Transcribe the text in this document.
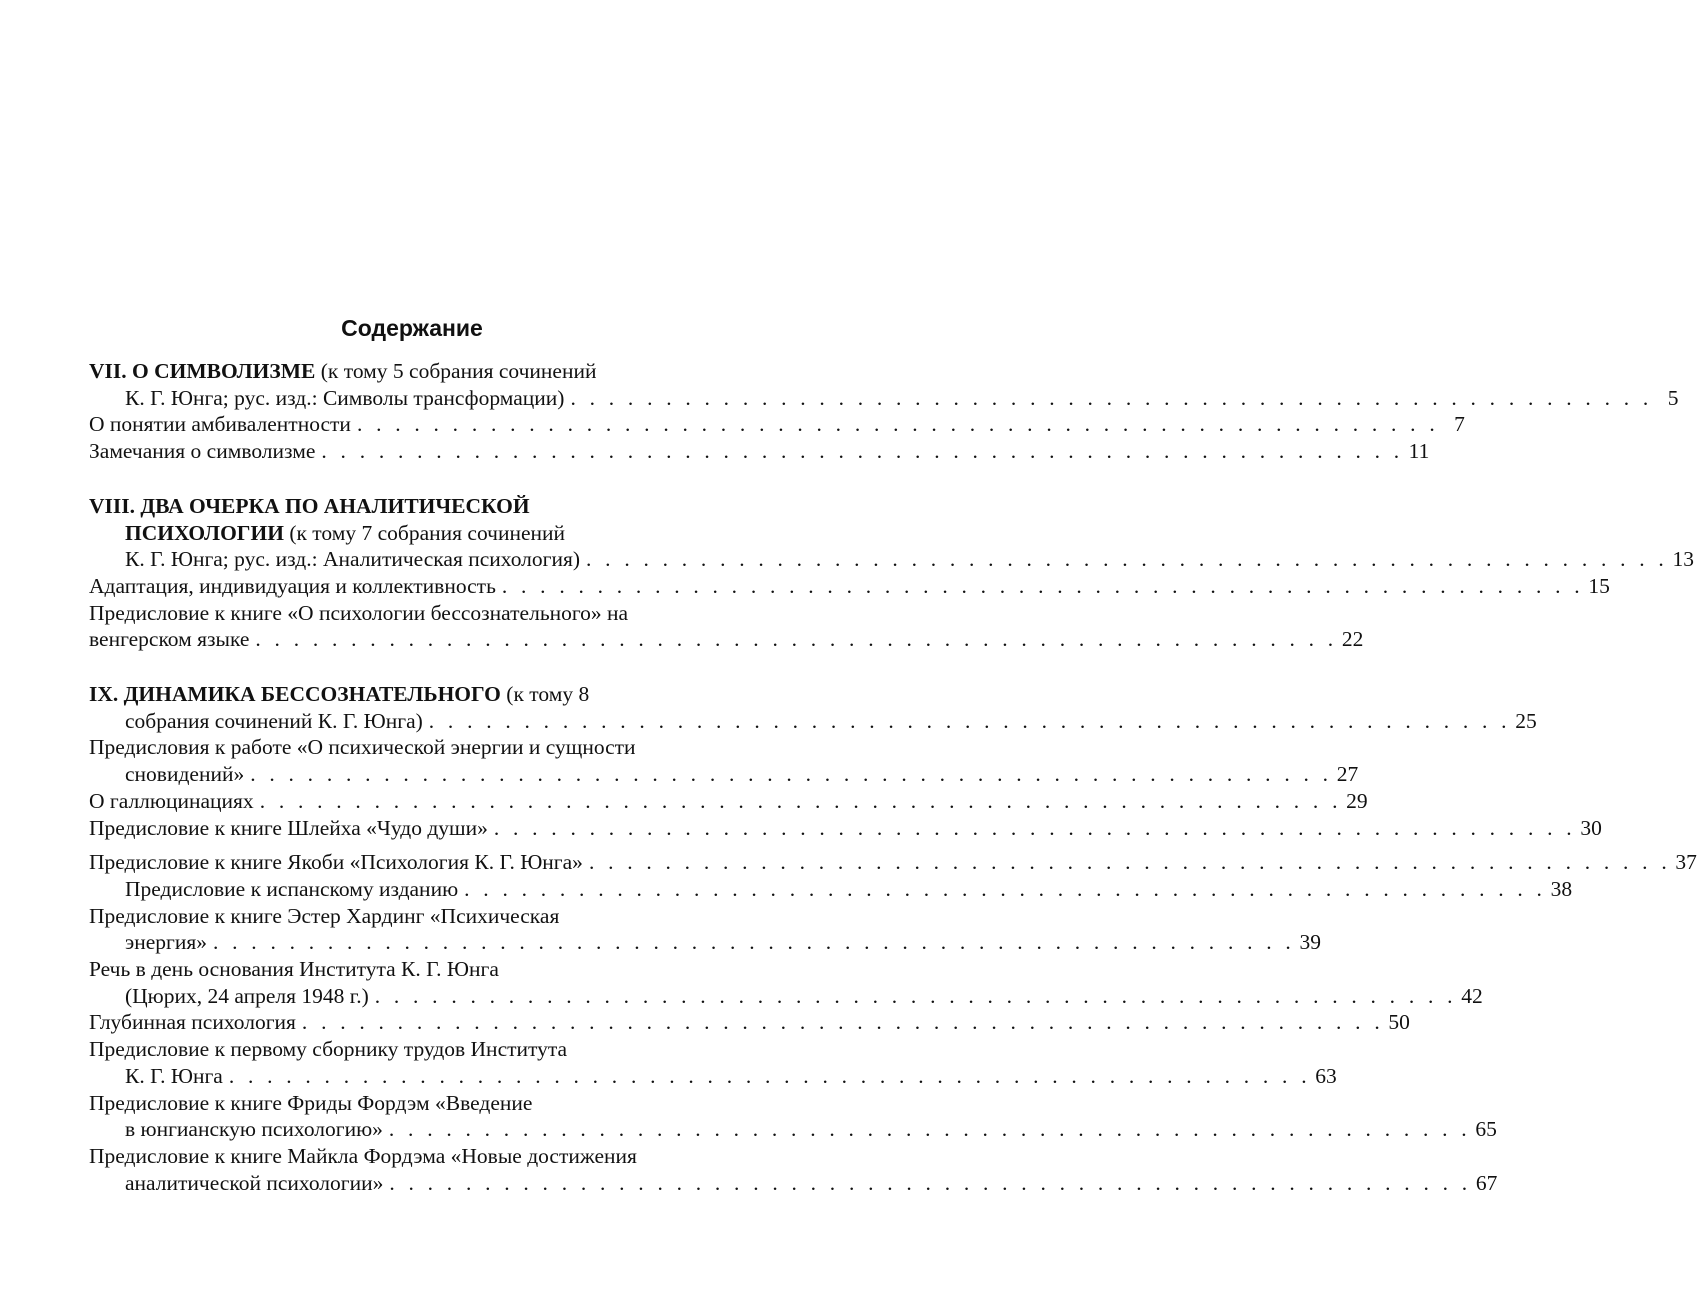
Содержание
VII. О СИМВОЛИЗМЕ (к тому 5 собрания сочинений
К. Г. Юнга; рус. изд.: Символы трансформации) . . . . . . . . . . . . . . . . . . . . . . . . . . . . . . . . . . . . . . . . . . . . . . . . . . . . . . . . . 5
О понятии амбивалентности . . . . . . . . . . . . . . . . . . . . . . . . . . . . . . . . . . . . . . . . . . . . . . . . . . . . . . . . . 7
Замечания о символизме . . . . . . . . . . . . . . . . . . . . . . . . . . . . . . . . . . . . . . . . . . . . . . . . . . . . . . . . . 11
VIII. ДВА ОЧЕРКА ПО АНАЛИТИЧЕСКОЙ
ПСИХОЛОГИИ (к тому 7 собрания сочинений
К. Г. Юнга; рус. изд.: Аналитическая психология) . . . . . . . . . . . . . . . . . . . . . . . . . . . . . . . . . . . . . . . . . . . . . . . . . . . . . . . . . 13
Адаптация, индивидуация и коллективность . . . . . . . . . . . . . . . . . . . . . . . . . . . . . . . . . . . . . . . . . . . . . . . . . . . . . . . . . 15
Предисловие к книге «О психологии бессознательного» на
венгерском языке . . . . . . . . . . . . . . . . . . . . . . . . . . . . . . . . . . . . . . . . . . . . . . . . . . . . . . . . . 22
IX. ДИНАМИКА БЕССОЗНАТЕЛЬНОГО (к тому 8
собрания сочинений К. Г. Юнга) . . . . . . . . . . . . . . . . . . . . . . . . . . . . . . . . . . . . . . . . . . . . . . . . . . . . . . . . . 25
Предисловия к работе «О психической энергии и сущности
сновидений» . . . . . . . . . . . . . . . . . . . . . . . . . . . . . . . . . . . . . . . . . . . . . . . . . . . . . . . . . 27
О галлюцинациях . . . . . . . . . . . . . . . . . . . . . . . . . . . . . . . . . . . . . . . . . . . . . . . . . . . . . . . . . 29
Предисловие к книге Шлейха «Чудо души» . . . . . . . . . . . . . . . . . . . . . . . . . . . . . . . . . . . . . . . . . . . . . . . . . . . . . . . . . 30
Предисловие к книге Якоби «Психология К. Г. Юнга» . . . . . . . . . . . . . . . . . . . . . . . . . . . . . . . . . . . . . . . . . . . . . . . . . . . . . . . . . 37
Предисловие к испанскому изданию . . . . . . . . . . . . . . . . . . . . . . . . . . . . . . . . . . . . . . . . . . . . . . . . . . . . . . . . . 38
Предисловие к книге Эстер Хардинг «Психическая
энергия» . . . . . . . . . . . . . . . . . . . . . . . . . . . . . . . . . . . . . . . . . . . . . . . . . . . . . . . . . 39
Речь в день основания Института К. Г. Юнга
(Цюрих, 24 апреля 1948 г.) . . . . . . . . . . . . . . . . . . . . . . . . . . . . . . . . . . . . . . . . . . . . . . . . . . . . . . . . . 42
Глубинная психология . . . . . . . . . . . . . . . . . . . . . . . . . . . . . . . . . . . . . . . . . . . . . . . . . . . . . . . . . 50
Предисловие к первому сборнику трудов Института
К. Г. Юнга . . . . . . . . . . . . . . . . . . . . . . . . . . . . . . . . . . . . . . . . . . . . . . . . . . . . . . . . . 63
Предисловие к книге Фриды Фордэм «Введение
в юнгианскую психологию» . . . . . . . . . . . . . . . . . . . . . . . . . . . . . . . . . . . . . . . . . . . . . . . . . . . . . . . . . 65
Предисловие к книге Майкла Фордэма «Новые достижения
аналитической психологии» . . . . . . . . . . . . . . . . . . . . . . . . . . . . . . . . . . . . . . . . . . . . . . . . . . . . . . . . . 67
